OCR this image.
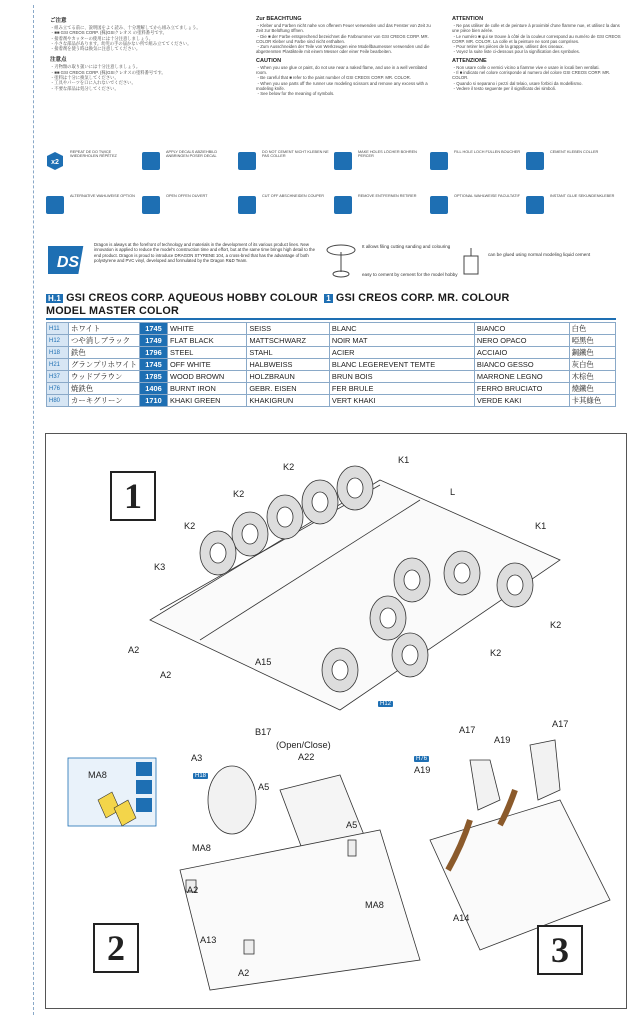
ご注意

・組み立てる前に、説明図をよく読み、十分理解してから組み立てましょう。

・■■ GSI CREOS CORP. (株)GSIクレオス の塗料番号です。

・接着剤やカッターの使用には十分注意しましょう。

・小さな部品があります。幼児の手の届かない所で組み立ててください。

・接着剤を使う時は換気に注意してください。

注意点

・刃物類の取り扱いには十分注意しましょう。

・■■ GSI CREOS CORP. (株)GSIクレオスの塗料番号です。

・塗料は十分に換気してください。

・工具やパーツを口に入れないでください。

・不要な部品は処分してください。

Zur BEACHTUNG

・Kleber und Farben nicht nahe von offenem Feuer verwenden und das Fenster von Zeit zu Zeit zur Belüftung öffnen.

・Die ■ der Farbe entsprechend bezeichnet die Farbnummer von GSI CREOS CORP. MR. COLOR Kleber und Farbe sind nicht enthalten.

・Zum Ausschneiden der Teile von Werkzeugen eine Modellbaumesser verwenden und die abgetrennten Plastikteile mit einem Messer oder einer Feile bearbeiten.

CAUTION

・When you use glue or paint, do not use near a naked flame, and use in a well ventilated room.

・Be careful that ■ refer to the paint number of GSI CREOS CORP. MR. COLOR.

・When you use parts off the runner use modeling scissors and remove any excess with a modeling knife.

・See below for the meaning of symbols.

ATTENTION

・Ne pas utiliser de colle et de peinture à proximité d'une flamme nue, et utilisez la dans une pièce bien aérée.

・Le numéro ■ qui se trouve à côté de la couleur correspond au numéro de GSI CREOS CORP. MR. COLOR. La colle et la peinture ne sont pas comprises.

・Pour retirer les pièces de la grappe, utilisez des ciseaux.

・Voyez la suite liste ci-dessous pour la signification des symboles.

ATTENZIONE

・Non usare colle o vernici vicino a fiamme vive e usare in locali ben ventilati.

・Il ■ indicato nel colore corrisponde al numero del colore GSI CREOS CORP. MR. COLOR.

・Quando si separano i pezzi dal telaio, usare forbici da modellismo.

・Vedere il testo seguente per il significato dei simboli.

x2
REPEAT DE DO TWICE WIEDERHOLEN RÉPÉTEZ
APPLY DECALS ABZIEHBILD ANBRINGEN POSER DECAL
DO NOT CEMENT NICHT KLEBEN NE PAS COLLER
MAKE HOLES LÖCHER BOHREN PERCER
FILL HOLE LOCH FÜLLEN BOUCHER	CEMENT KLEBEN COLLER
ALTERNATIVE WAHLWEISE OPTION	OPEN OFFEN OUVERT	CUT OFF ABSCHNEIDEN COUPER	REMOVE ENTFERNEN RETIRER	OPTIONAL WAHLWEISE FACULTATIF	INSTANT GLUE SEKUNDENKLEBER
DS
Dragon is always at the forefront of technology and materials in the development of its various product lines. New innovation is applied to reduce the model's construction time and effort, but at the same time brings high detail to the end product. Dragon is proud to introduce DRAGON STYRENE 104, a cross-bred that has the advantage of both polystyrene and PVC vinyl, developed and formulated by the Dragon R&D Team.
It allows filing cutting sanding and colouring
easy to cement by cement for the model hobby
can be glued using normal modeling liquid cement
H.1 GSI CREOS CORP. AQUEOUS HOBBY COLOUR 1 GSI CREOS CORP. MR. COLOUR
MODEL MASTER COLOR
H11	ホワイト	1745	WHITE	SEISS	BLANC	BIANCO	白色
H12	つや消しブラック	1749	FLAT BLACK	MATTSCHWARZ	NOIR MAT	NERO OPACO	啞黑色
H18	鉄色	1796	STEEL	STAHL	ACIER	ACCIAIO	鋼鐵色
H21	グランプリホワイト	1745	OFF WHITE	HALBWEISS	BLANC LEGEREVENT TEMTE	BIANCO GESSO	灰白色
H37	ウッドブラウン	1785	WOOD BROWN	HOLZBRAUN	BRUN BOIS	MARRONE LEGNO	木棕色
H76	焼鉄色	1406	BURNT IRON	GEBR. EISEN	FER BRULE	FERRO BRUCIATO	燒鐵色
H80	カーキグリーン	1710	KHAKI GREEN	KHAKIGRUN	VERT KHAKI	VERDE KAKI	卡其綠色
1
2	3
K1
K2
K2	L
K2	K1
K3
K2
K2
A2
A2
A15
H12
B17
(Open/Close)
A22
A3
H18
MA8
A5
A5
MA8
A2
MA8
A13
A2
A17
A17
A19
H76
A19
A14
